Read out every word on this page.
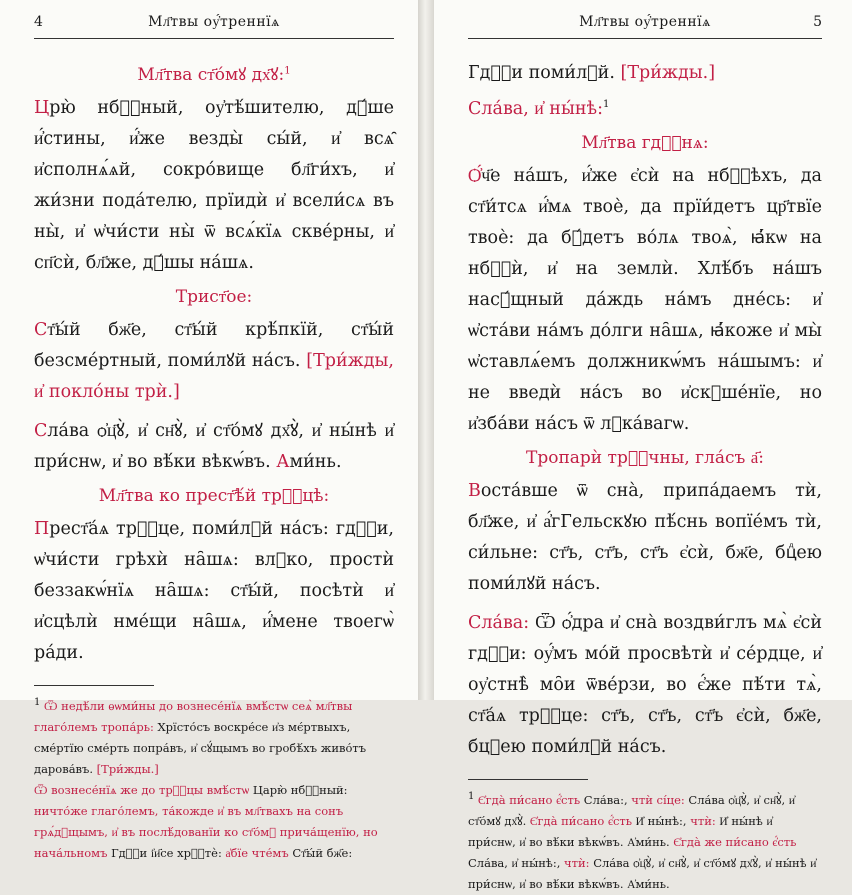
4	Мл҃твы оу҆́треннїѧ
Мл҃тва ст҃о́мꙋ дх҃ꙋ:$^1$

Црю̀ нбⷭ҇ный, оу҆тѣ́шителю, дꙋ́ше и҆́стины, и҆́же везды̀ сы́й, и҆ всѧ̑ и҆сполнѧ́ѧй, сокро́вище бл҃ги́хъ, и҆ жи́зни пода́телю, прїидѝ и҆ всели́сѧ въ ны̀, и҆ ѡ҆чи́сти ны̀ ѿ всѧ́кїѧ скве́рны, и҆ сп҃сѝ, бл҃же, дꙋ́шы на́шѧ.

Трист҃ое:

Ст҃ы́й бж҃е, ст҃ы́й крѣ́пкїй, ст҃ы́й безсме́ртный, поми́лꙋй на́съ. [Три́жды, и҆ покло́ны трѝ.]

Сла́ва ѻ҆ц҃ꙋ̀, и҆ сн҃ꙋ̀, и҆ ст҃о́мꙋ дх҃ꙋ̀, и҆ ны́нѣ и҆ при́снѡ, и҆ во вѣ́ки вѣкѡ́въ. Ами́нь.

Мл҃тва ко прест҃ѣ́й трⷪ҇цѣ:

Прест҃а́ѧ трⷪ҇це, поми́лꙋй на́съ: гдⷭ҇и, ѡ҆чи́сти грѣхѝ на̑шѧ: влⷣко, простѝ беззакѡ́нїѧ на̑шѧ: ст҃ы́й, посѣтѝ и҆ и҆сцѣлѝ нме́щи на̑шѧ, и҆́мене твоегѡ̀ ра́ди.

$^1$ Ѿ недѣ́ли ѳѡми́ны до вознесе́нїѧ вмѣ́стѡ сеѧ̀ мл҃твы глаго́лемъ тропа́рь: Хрїсто́съ воскре́се и҆з мє́ртвыхъ, сме́ртїю сме́рть попра́въ, и҆ сꙋ́щымъ во гробѣ́хъ живо́тъ дарова́въ. [Три́жды.]

Ѿ вознесе́нїѧ же до трⷪ҇цы вмѣ́стѡ Царю̀ нбⷭ҇ный: ничто́же глаго́лемъ, та́кожде и҆ въ мл҃твахъ на сонъ грѧ́дꙋщымъ, и҆ въ послѣ́дованїи ко ст҃о́мꙋ прича́щенїю, но нача́льномъ Гдⷭ҇и і҆и҃се хрⷭ҇тѐ: а҆бїе чте́мъ Ст҃ы́й бж҃е:

Мл҃твы оу҆́треннїѧ	5

Гдⷭ҇и поми́лꙋй. [Три́жды.]

Сла́ва, и҆ ны́нѣ:$^1$

Мл҃тва гдⷭ҇нѧ:

Ѻ҆́ч҃е на́шъ, и҆́же є҆сѝ на нбⷭ҇ѣхъ, да ст҃и́тсѧ и҆́мѧ твоѐ, да прїи́детъ цр҃твїе твоѐ: да бꙋ́детъ во́лѧ твоѧ̀, ꙗ҆́кѡ на нбⷭ҇ѝ, и҆ на землѝ. Хлѣ́бъ на́шъ насꙋ́щный да́ждь на́мъ дне́сь: и҆ ѡ҆ста́ви на́мъ до́лги на̑шѧ, ꙗ҆́коже и҆ мы̀ ѡ҆ставлѧ́емъ должникѡ́мъ на́шымъ: и҆ не введѝ на́съ во и҆скꙋше́нїе, но и҆зба́ви на́съ ѿ лꙋка́вагѡ.

Тропарѝ трⷪ҇чны, гла́съ а҃:

Воста́вше ѿ сна̀, припа́даемъ тѝ, бл҃же, и҆ а҆́гГельскꙋю пѣ́снь вопїе́мъ тѝ, си́льне: ст҃ъ, ст҃ъ, ст҃ъ є҆сѝ, бж҃е, бцⷣею поми́лꙋй на́съ.

Сла́ва: Ѿ ѻ҆́дра и҆ сна̀ воздви́глъ мѧ̀ є҆сѝ гдⷭ҇и: оу҆́мъ мо́й просвѣтѝ и҆ се́рдце, и҆ оу҆стнѣ̀ мо̑и ѿве́рзи, во є҆́же пѣ́ти тѧ̀, ст҃а́ѧ трⷪ҇це: ст҃ъ, ст҃ъ, ст҃ъ є҆сѝ, бж҃е, бцⷣею поми́лꙋй на́съ.

$^1$ Є҆гда̀ пи́сано є҆́сть Сла́ва:, чтѝ сі́це: Сла́ва ѻ҆ц҃ꙋ̀, и҆ сн҃ꙋ̀, и҆ ст҃о́мꙋ дх҃ꙋ̀. Є҆гда̀ пи́сано є҆́сть И҆ ны́нѣ:, чтѝ: И҆ ны́нѣ и҆ при́снѡ, и҆ во вѣ́ки вѣкѡ́въ. А҆ми́нь. Є҆гда̀ же пи́сано є҆́сть Сла́ва, и҆ ны́нѣ:, чтѝ: Сла́ва ѻ҆ц҃ꙋ̀, и҆ сн҃ꙋ̀, и҆ ст҃о́мꙋ дх҃ꙋ̀, и҆ ны́нѣ и҆ при́снѡ, и҆ во вѣ́ки вѣкѡ́въ. А҆ми́нь.
